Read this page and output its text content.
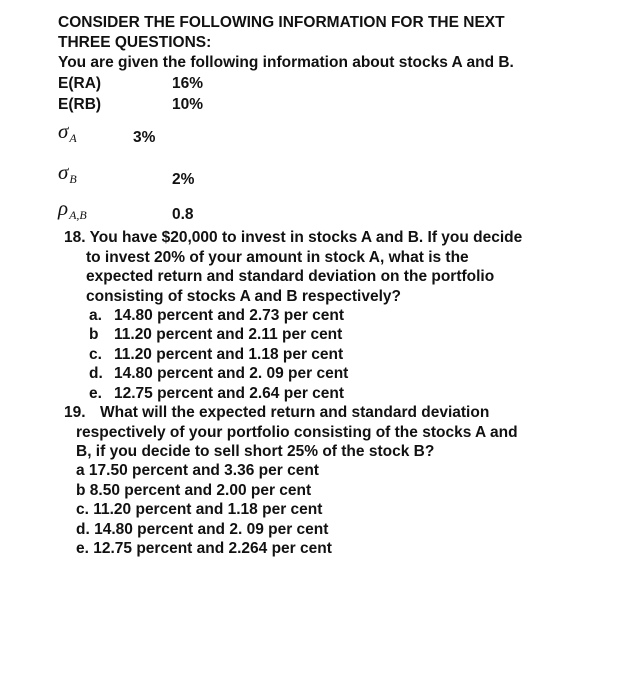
CONSIDER THE FOLLOWING INFORMATION FOR THE NEXT
THREE QUESTIONS:
You are given the following information about stocks A and B.
E(RA)	16%
E(RB)	10%
$\sigma_A$	3%
$\sigma_B$	2%
$\rho_{A,B}$	0.8
18. You have $20,000 to invest in stocks A and B. If you decide
to invest 20% of your amount in stock A, what is the
expected return and standard deviation on the portfolio
consisting of stocks A and B respectively?
a. 14.80 percent and 2.73 per cent
b 11.20 percent and 2.11 per cent
c. 11.20 percent and 1.18 per cent
d. 14.80 percent and 2. 09 per cent
e. 12.75 percent and 2.64 per cent
19. What will the expected return and standard deviation
respectively of your portfolio consisting of the stocks A and
B, if you decide to sell short 25% of the stock B?
a 17.50 percent and 3.36 per cent
b 8.50 percent and 2.00 per cent
c. 11.20 percent and 1.18 per cent
d. 14.80 percent and 2. 09 per cent
e. 12.75 percent and 2.264 per cent
